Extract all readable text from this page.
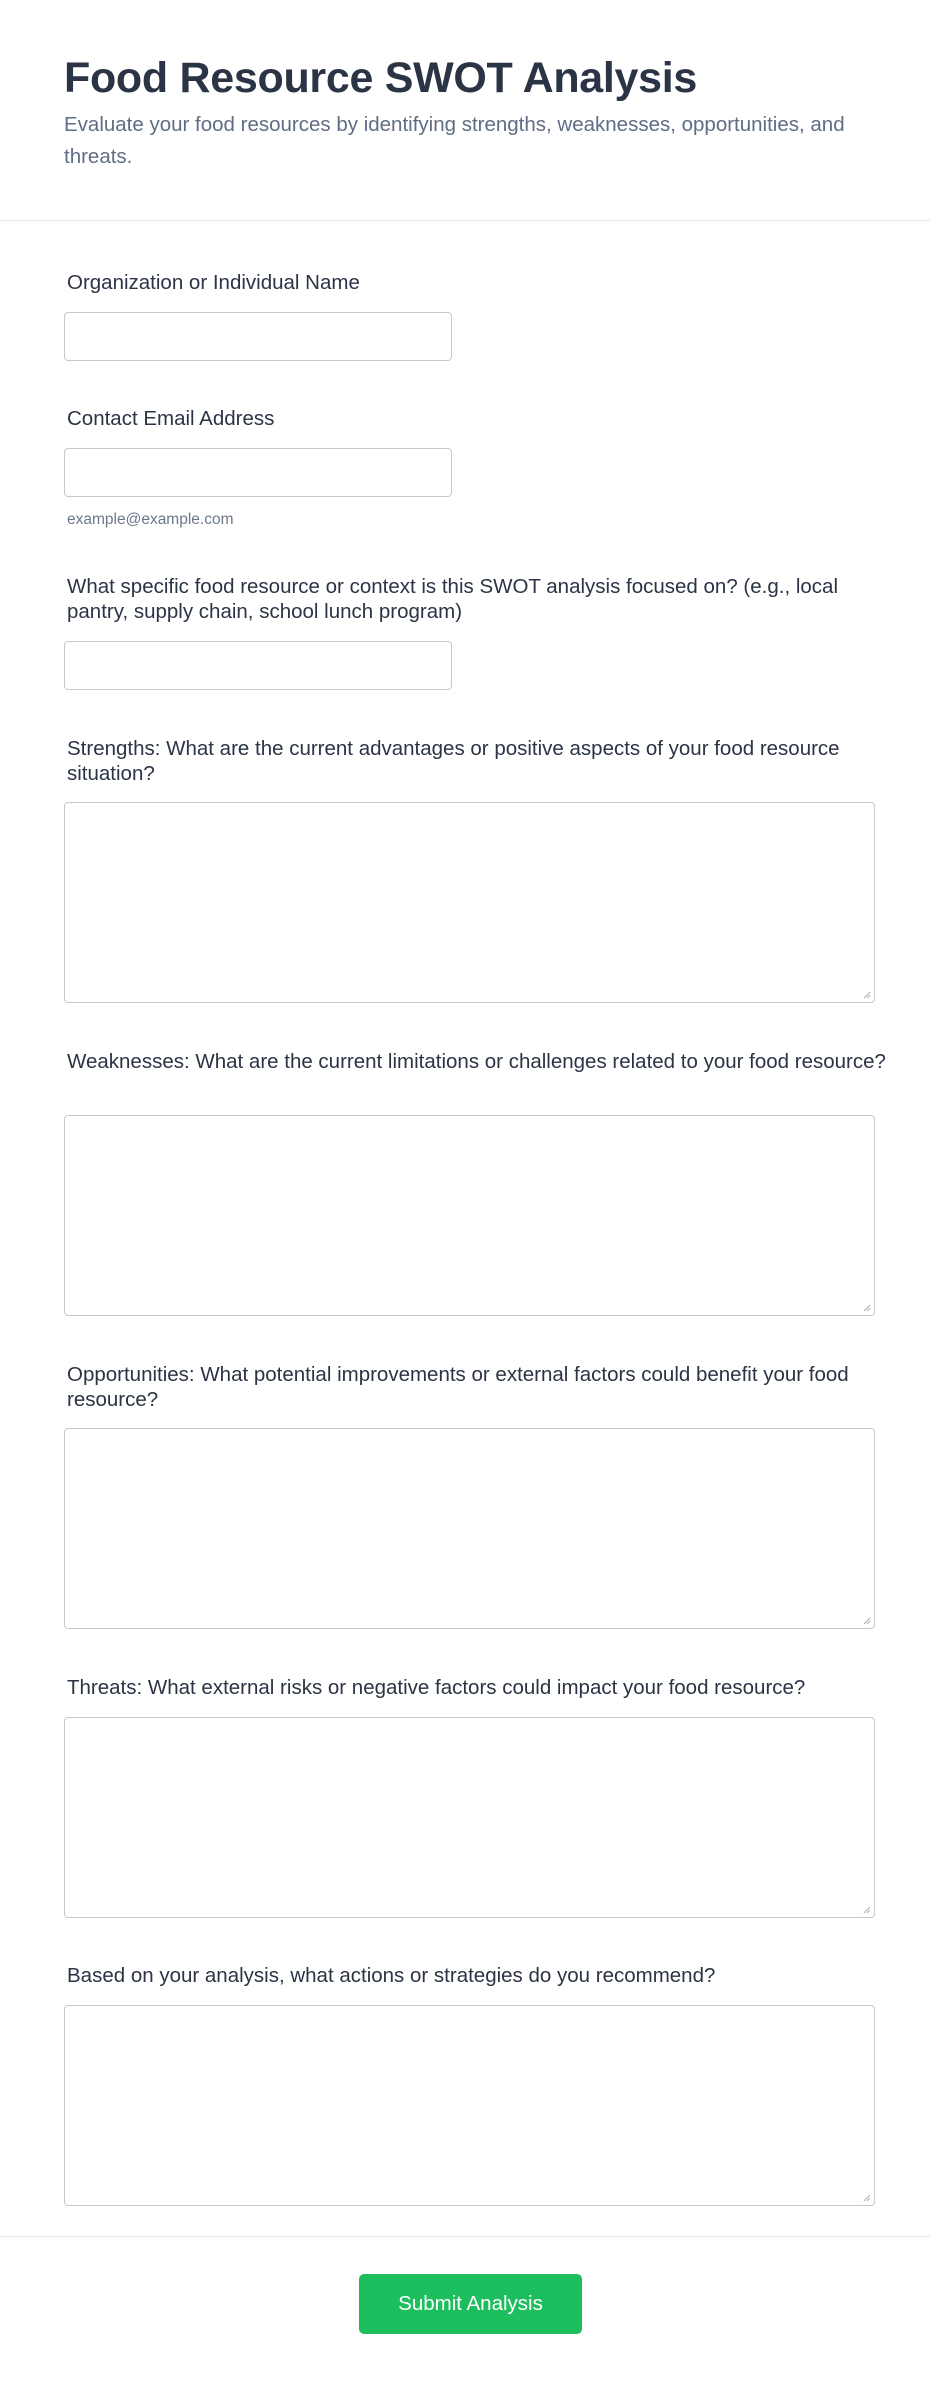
Food Resource SWOT Analysis

Evaluate your food resources by identifying strengths, weaknesses, opportunities, and threats.

Organization or Individual Name
Contact Email Address
example@example.com
What specific food resource or context is this SWOT analysis focused on? (e.g., local pantry, supply chain, school lunch program)
Strengths: What are the current advantages or positive aspects of your food resource situation?
Weaknesses: What are the current limitations or challenges related to your food resource?
Opportunities: What potential improvements or external factors could benefit your food resource?
Threats: What external risks or negative factors could impact your food resource?
Based on your analysis, what actions or strategies do you recommend?
Submit Analysis
